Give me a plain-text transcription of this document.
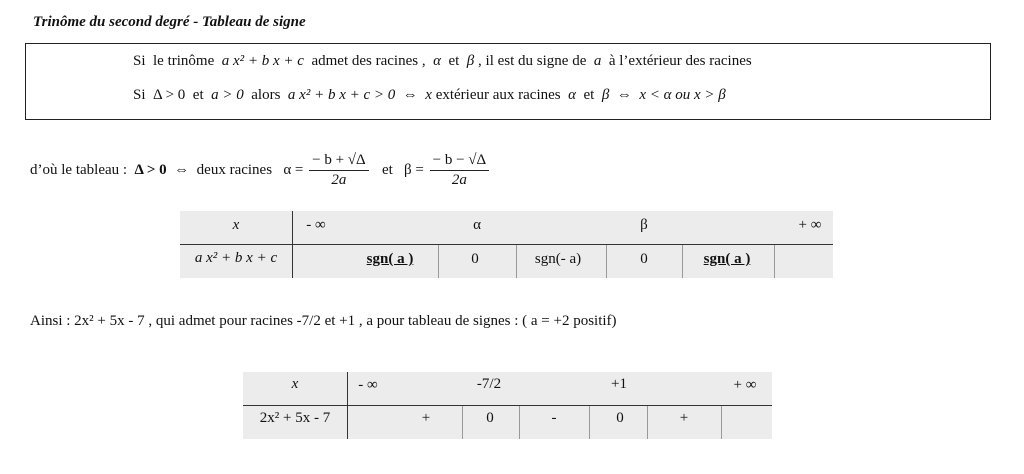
Trinôme du second degré - Tableau de signe
Si le trinôme a x² + b x + c admet des racines , α et β , il est du signe de a à l’extérieur des racines
Si Δ > 0 et a > 0 alors a x² + b x + c > 0 ⇔ x extérieur aux racines α et β ⇔ x < α ou x > β
d’où le tableau : Δ > 0 ⇔ deux racines $\alpha = \frac{- b + √\Delta}{2a}$ et $\beta = \frac{- b - √\Delta}{2a}$
x	- ∞	α	β	+ ∞
a x² + b x + c	sgn( a )	0	sgn(- a)	0	sgn( a )
Ainsi : 2x² + 5x - 7 , qui admet pour racines -7/2 et +1 , a pour tableau de signes : ( a = +2 positif)
x	- ∞	-7/2	+1	+ ∞
2x² + 5x - 7	+	0	-	0	+
